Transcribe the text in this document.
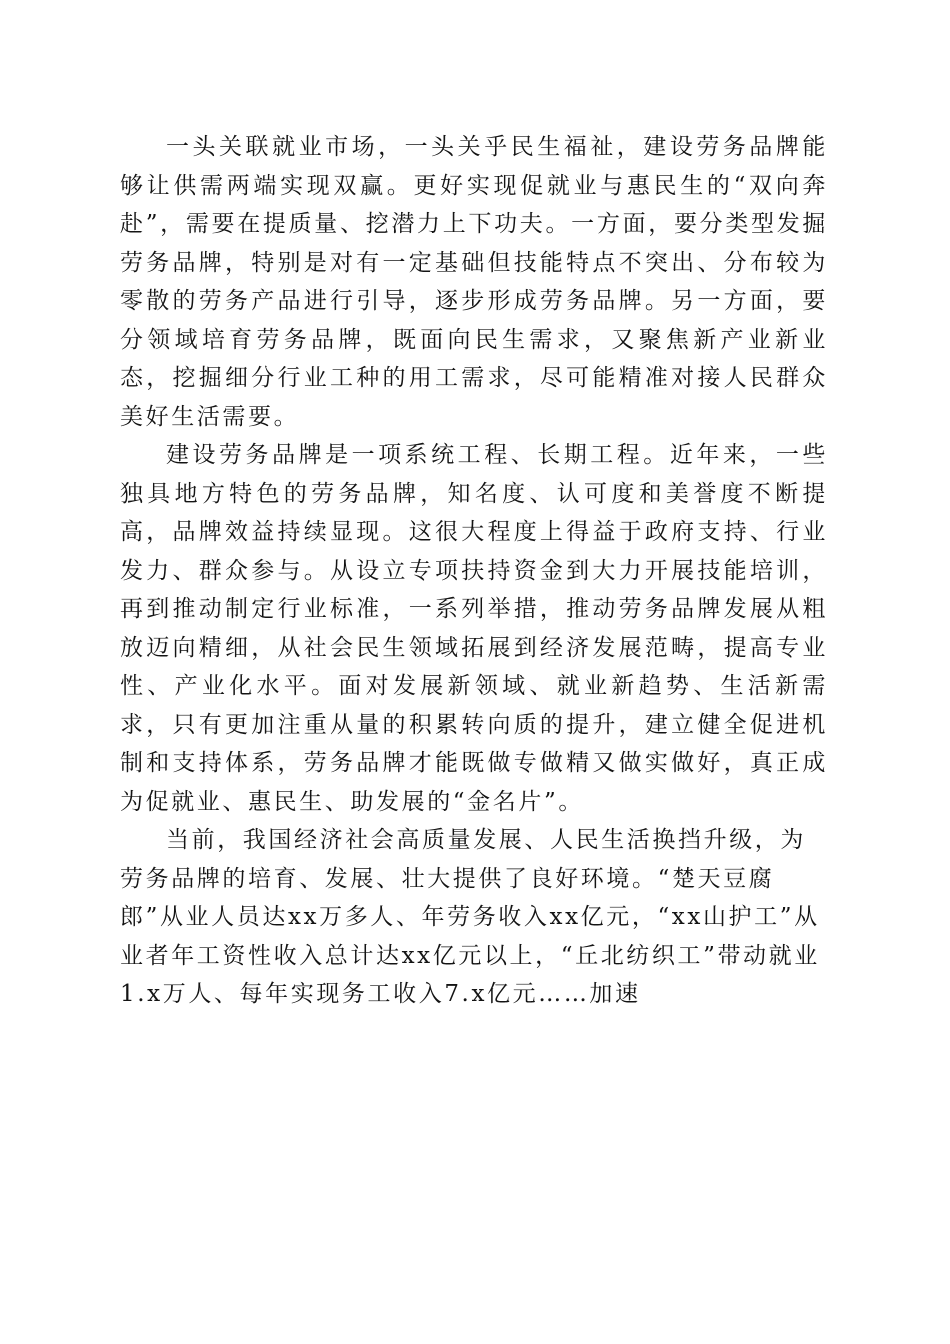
一头关联就业市场，一头关乎民生福祉，建设劳务品牌能够让供需两端实现双赢。更好实现促就业与惠民生的“双向奔赴”，需要在提质量、挖潜力上下功夫。一方面，要分类型发掘劳务品牌，特别是对有一定基础但技能特点不突出、分布较为零散的劳务产品进行引导，逐步形成劳务品牌。另一方面，要分领域培育劳务品牌，既面向民生需求，又聚焦新产业新业态，挖掘细分行业工种的用工需求，尽可能精准对接人民群众美好生活需要。

建设劳务品牌是一项系统工程、长期工程。近年来，一些独具地方特色的劳务品牌，知名度、认可度和美誉度不断提高，品牌效益持续显现。这很大程度上得益于政府支持、行业发力、群众参与。从设立专项扶持资金到大力开展技能培训，再到推动制定行业标准，一系列举措，推动劳务品牌发展从粗放迈向精细，从社会民生领域拓展到经济发展范畴，提高专业性、产业化水平。面对发展新领域、就业新趋势、生活新需求，只有更加注重从量的积累转向质的提升，建立健全促进机制和支持体系，劳务品牌才能既做专做精又做实做好，真正成为促就业、惠民生、助发展的“金名片”。

当前，我国经济社会高质量发展、人民生活换挡升级，为劳务品牌的培育、发展、壮大提供了良好环境。“楚天豆腐郎”从业人员达xx万多人、年劳务收入xx亿元，“xx山护工”从业者年工资性收入总计达xx亿元以上，“丘北纺织工”带动就业1.x万人、每年实现务工收入7.x亿元……加速
